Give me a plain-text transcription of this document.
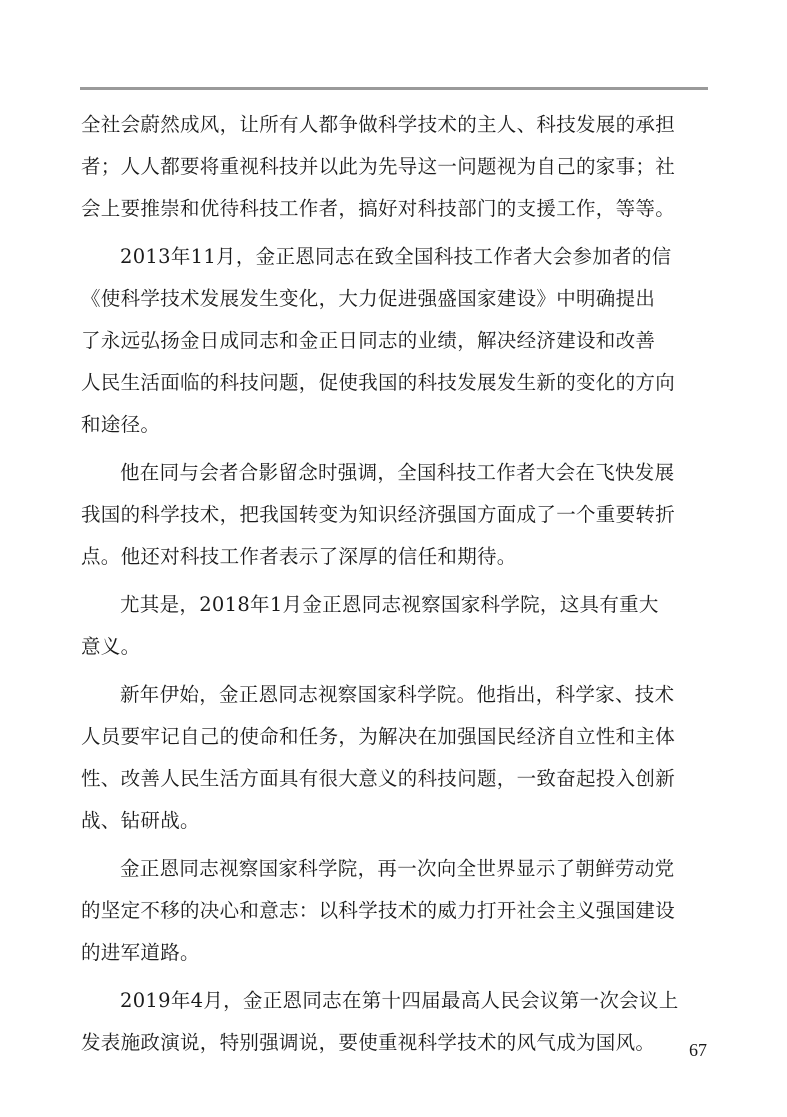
全社会蔚然成风，让所有人都争做科学技术的主人、科技发展的承担
者；人人都要将重视科技并以此为先导这一问题视为自己的家事；社
会上要推崇和优待科技工作者，搞好对科技部门的支援工作，等等。
2013年11月，金正恩同志在致全国科技工作者大会参加者的信
《使科学技术发展发生变化，大力促进强盛国家建设》中明确提出
了永远弘扬金日成同志和金正日同志的业绩，解决经济建设和改善
人民生活面临的科技问题，促使我国的科技发展发生新的变化的方向
和途径。
他在同与会者合影留念时强调，全国科技工作者大会在飞快发展
我国的科学技术，把我国转变为知识经济强国方面成了一个重要转折
点。他还对科技工作者表示了深厚的信任和期待。
尤其是，2018年1月金正恩同志视察国家科学院，这具有重大
意义。
新年伊始，金正恩同志视察国家科学院。他指出，科学家、技术
人员要牢记自己的使命和任务，为解决在加强国民经济自立性和主体
性、改善人民生活方面具有很大意义的科技问题，一致奋起投入创新
战、钻研战。
金正恩同志视察国家科学院，再一次向全世界显示了朝鲜劳动党
的坚定不移的决心和意志：以科学技术的威力打开社会主义强国建设
的进军道路。
2019年4月，金正恩同志在第十四届最高人民会议第一次会议上
发表施政演说，特别强调说，要使重视科学技术的风气成为国风。	67
